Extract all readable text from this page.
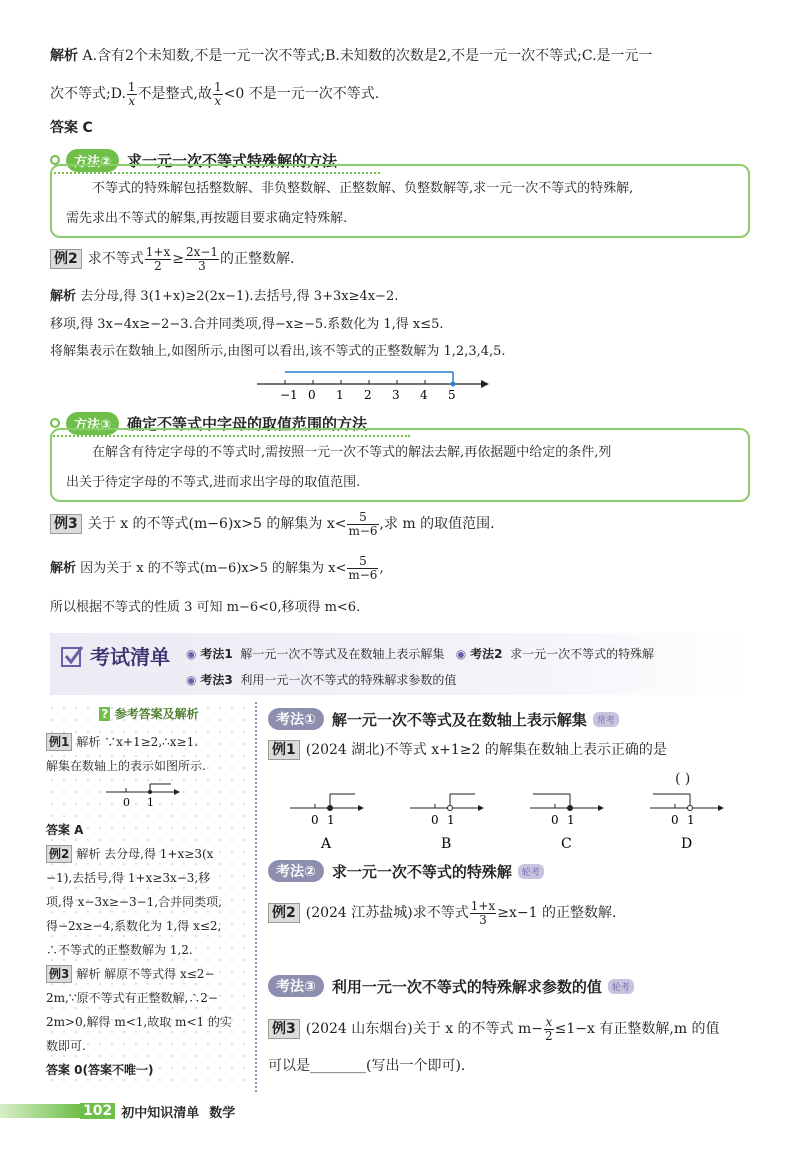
解析 A.含有2个未知数,不是一元一次不等式;B.未知数的次数是2,不是一元一次不等式;C.是一元一
次不等式;D. $\frac{1}{x}$ 不是整式,故 $\frac{1}{x} <0$ 不是一元一次不等式.
答案 C
方法②	求一元一次不等式特殊解的方法
不等式的特殊解包括整数解、非负整数解、正整数解、负整数解等,求一元一次不等式的特殊解,
需先求出不等式的解集,再按题目要求确定特殊解.
例2 求不等式 $\frac{1+x}{2} \ge \frac{2x-1}{3}$ 的正整数解.
解析 去分母,得 3(1+x)≥2(2x−1).去括号,得 3+3x≥4x−2.
移项,得 3x−4x≥−2−3.合并同类项,得−x≥−5.系数化为 1,得 x≤5.
将解集表示在数轴上,如图所示,由图可以看出,该不等式的正整数解为 1,2,3,4,5.
−1 0 1 2 3 4 5
方法③	确定不等式中字母的取值范围的方法
在解含有待定字母的不等式时,需按照一元一次不等式的解法去解,再依据题中给定的条件,列
出关于待定字母的不等式,进而求出字母的取值范围.
例3 关于 x 的不等式(m−6)x>5 的解集为 $x< \frac{5}{m-6}$ ,求 m 的取值范围.
解析 因为关于 x 的不等式(m−6)x>5 的解集为 $x< \frac{5}{m-6}$ ,
所以根据不等式的性质 3 可知 m−6<0,移项得 m<6.
考试清单 ◉ 考法1 解一元一次不等式及在数轴上表示解集 ◉ 考法2 求一元一次不等式的特殊解
◉ 考法3 利用一元一次不等式的特殊解求参数的值
? 参考答案及解析
例1 解析 ∵x+1≥2,∴x≥1.
解集在数轴上的表示如图所示.
0 1
答案 A
例2 解析 去分母,得 1+x≥3(x
−1),去括号,得 1+x≥3x−3,移
项,得 x−3x≥−3−1,合并同类项,
得−2x≥−4,系数化为 1,得 x≤2,
∴不等式的正整数解为 1,2.
例3 解析 解原不等式得 x≤2−
2m,∵原不等式有正整数解,∴2−
2m>0,解得 m<1,故取 m<1 的实
数即可.
答案 0(答案不唯一)
考法①	解一元一次不等式及在数轴上表示解集	常考
例1 (2024 湖北)不等式 x+1≥2 的解集在数轴上表示正确的是
( )
0 1
A
0 1
B
0 1
C
0 1
D
考法②	求一元一次不等式的特殊解	轮考
例2 (2024 江苏盐城)求不等式 $\frac{1+x}{3} \ge x-1$ 的正整数解.
考法③	利用一元一次不等式的特殊解求参数的值	轮考
例3 (2024 山东烟台)关于 x 的不等式 $m- \frac{x}{2} \le 1-x$ 有正整数解,m 的值
可以是________(写出一个即可).
102 初中知识清单 数学
